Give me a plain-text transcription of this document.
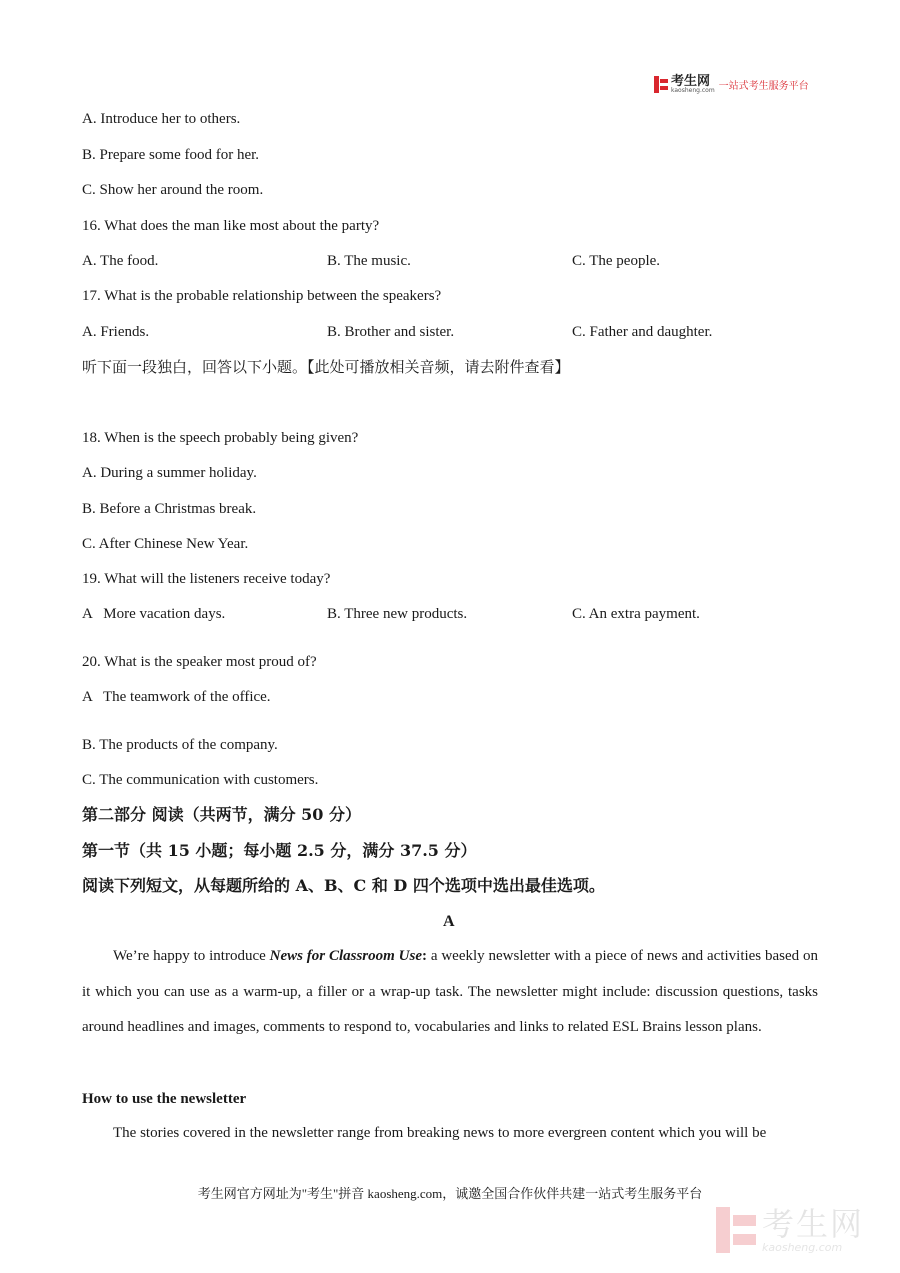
考生网
kaosheng.com 一站式考生服务平台
A. Introduce her to others.
B. Prepare some food for her.
C. Show her around the room.
16. What does the man like most about the party?
A. The food.	B. The music.	C. The people.
17. What is the probable relationship between the speakers?
A. Friends.	B. Brother and sister.	C. Father and daughter.
听下面一段独白，回答以下小题。【此处可播放相关音频，请去附件查看】
18. When is the speech probably being given?
A. During a summer holiday.
B. Before a Christmas break.
C. After Chinese New Year.
19. What will the listeners receive today?
A   More vacation days.	B. Three new products.	C. An extra payment.
20. What is the speaker most proud of?
A   The teamwork of the office.
B. The products of the company.
C. The communication with customers.
第二部分 阅读（共两节，满分 50 分）
第一节（共 15 小题；每小题 2.5 分，满分 37.5 分）
阅读下列短文，从每题所给的 A、B、C 和 D 四个选项中选出最佳选项。
A
We’re happy to introduce News for Classroom Use: a weekly newsletter with a piece of news and activities based on it which you can use as a warm-up, a filler or a wrap-up task. The newsletter might include: discussion questions, tasks around headlines and images, comments to respond to, vocabularies and links to related ESL Brains lesson plans.
How to use the newsletter
The stories covered in the newsletter range from breaking news to more evergreen content which you will be
考生网官方网址为"考生"拼音 kaosheng.com，诚邀全国合作伙伴共建一站式考生服务平台
考生网
kaosheng.com
